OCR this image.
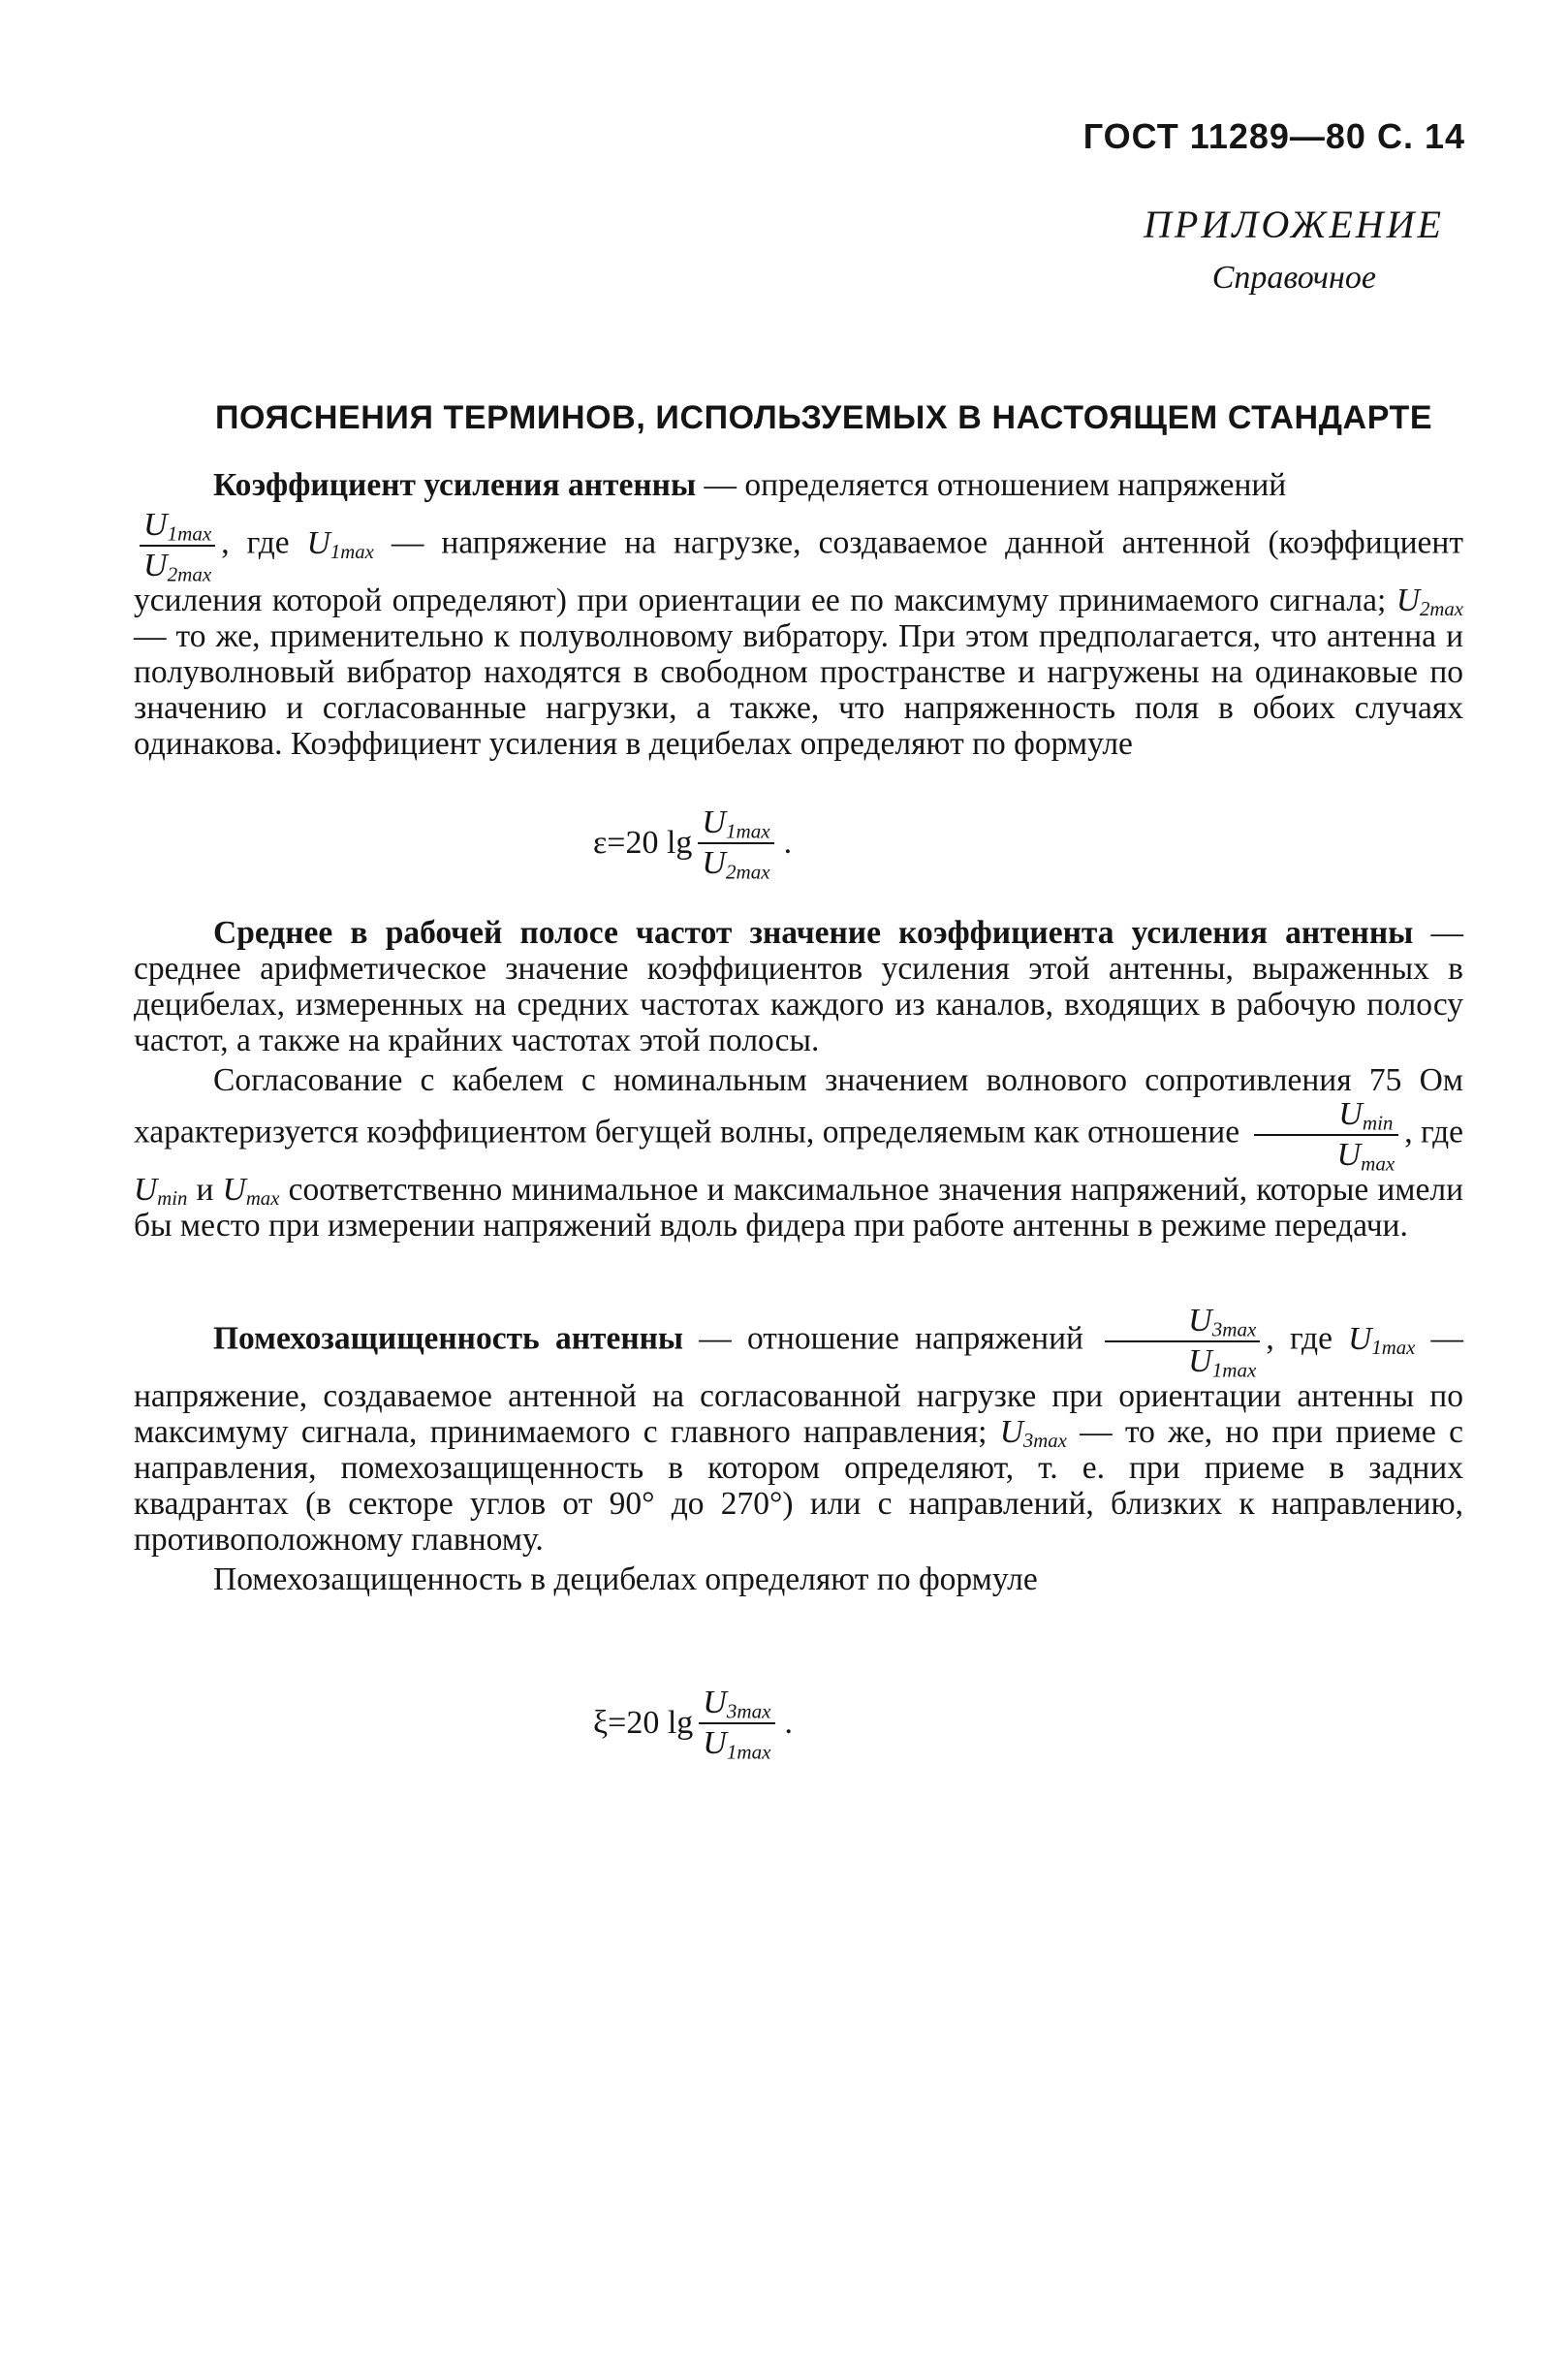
ГОСТ 11289—80 С. 14
ПРИЛОЖЕНИЕ
Справочное
ПОЯСНЕНИЯ ТЕРМИНОВ, ИСПОЛЬЗУЕМЫХ В НАСТОЯЩЕМ СТАНДАРТЕ

Коэффициент усиления антенны — определяется отношением напряжений

$\frac{U_{1max}}{U_{2max}}$ , где $U_{1max}$ — напряжение на нагрузке, создаваемое данной антенной (коэффициент усиления которой определяют) при ориентации ее по максимуму принимаемого сигнала; $U_{2max}$ — то же, применительно к полуволновому вибратору. При этом предполагается, что антенна и полуволновый вибратор находятся в свободном пространстве и нагружены на одинаковые по значению и согласованные нагрузки, а также, что напряженность поля в обоих случаях одинакова. Коэффициент усиления в децибелах определяют по формуле

ε=20 $\lg \frac{U_{1max}}{U_{2max}}$ .

Среднее в рабочей полосе частот значение коэффициента усиления антенны — среднее арифметическое значение коэффициентов усиления этой антенны, выраженных в децибелах, измеренных на средних частотах каждого из каналов, входящих в рабочую полосу частот, а также на крайних частотах этой полосы.

Согласование с кабелем с номинальным значением волнового сопротивления 75 Ом характеризуется коэффициентом бегущей волны, определяемым как отношение $\frac{U_{min}}{U_{max}}$ , где $U_{min}$ и $U_{max}$ соответственно минимальное и максимальное значения напряжений, которые имели бы место при измерении напряжений вдоль фидера при работе антенны в режиме передачи.

Помехозащищенность антенны — отношение напряжений $\frac{U_{3max}}{U_{1max}}$ , где $U_{1max}$ — напряжение, создаваемое антенной на согласованной нагрузке при ориентации антенны по максимуму сигнала, принимаемого с главного направления; $U_{3max}$ — то же, но при приеме с направления, помехозащищенность в котором определяют, т. е. при приеме в задних квадрантах (в секторе углов от 90° до 270°) или с направлений, близких к направлению, противоположному главному.

Помехозащищенность в децибелах определяют по формуле

ξ=20 $\lg \frac{U_{3max}}{U_{1max}}$ .
